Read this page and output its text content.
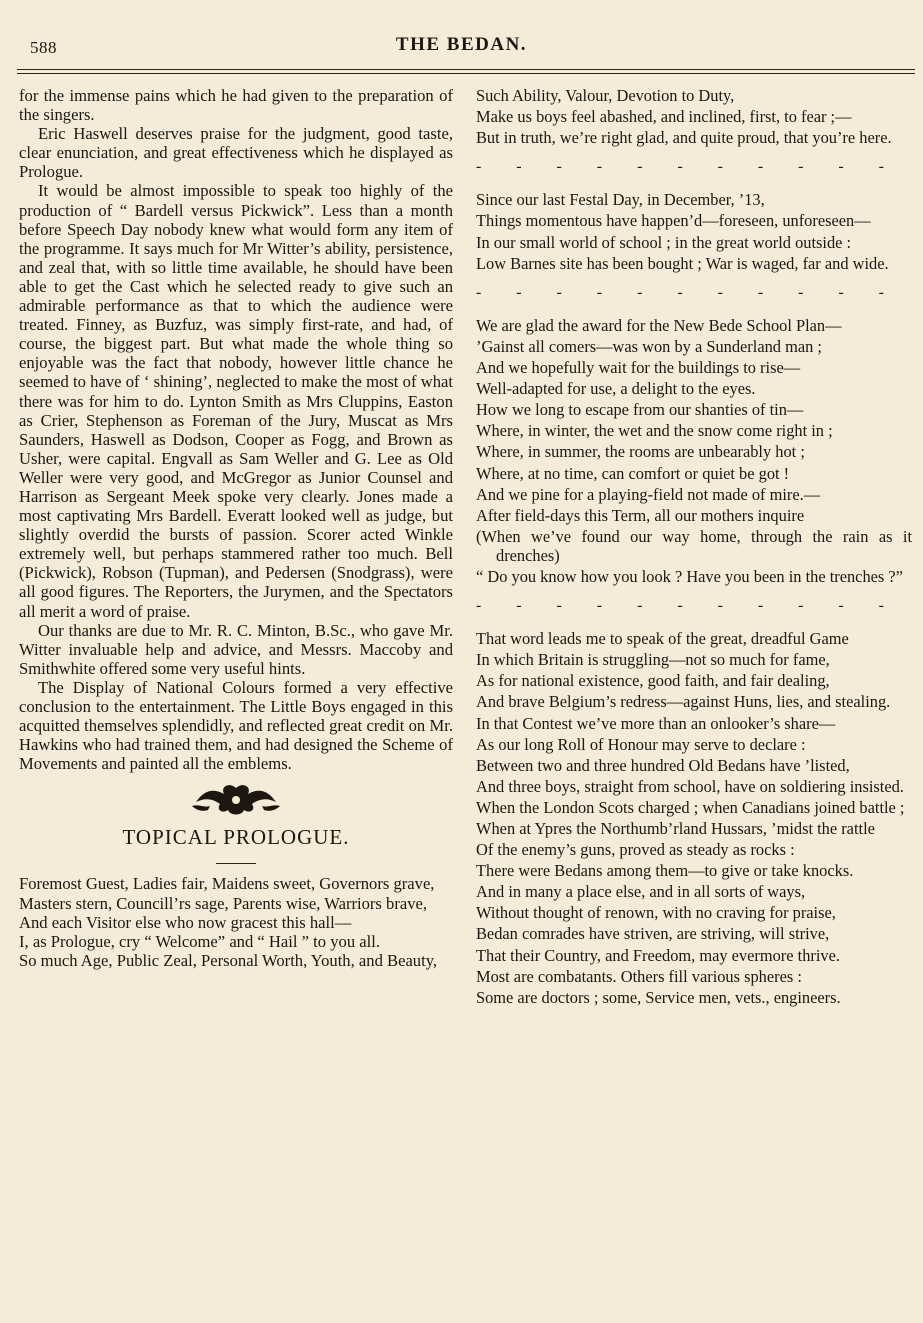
588	THE BEDAN.

for the immense pains which he had given to the preparation of the singers.

Eric Haswell deserves praise for the judgment, good taste, clear enunciation, and great effectiveness which he displayed as Prologue.

It would be almost impossible to speak too highly of the production of “ Bardell versus Pickwick”. Less than a month before Speech Day nobody knew what would form any item of the programme. It says much for Mr Witter’s ability, persistence, and zeal that, with so little time available, he should have been able to get the Cast which he selected ready to give such an admirable performance as that to which the audience were treated. Finney, as Buzfuz, was simply first-rate, and had, of course, the biggest part. But what made the whole thing so enjoyable was the fact that nobody, however little chance he seemed to have of ‘ shining’, neglected to make the most of what there was for him to do. Lynton Smith as Mrs Cluppins, Easton as Crier, Stephenson as Foreman of the Jury, Muscat as Mrs Saunders, Haswell as Dodson, Cooper as Fogg, and Brown as Usher, were capital. Engvall as Sam Weller and G. Lee as Old Weller were very good, and McGregor as Junior Counsel and Harrison as Sergeant Meek spoke very clearly. Jones made a most captivating Mrs Bardell. Everatt looked well as judge, but slightly overdid the bursts of passion. Scorer acted Winkle extremely well, but perhaps stammered rather too much. Bell (Pickwick), Robson (Tupman), and Pedersen (Snodgrass), were all good figures. The Reporters, the Jurymen, and the Spectators all merit a word of praise.

Our thanks are due to Mr. R. C. Minton, B.Sc., who gave Mr. Witter invaluable help and advice, and Messrs. Maccoby and Smithwhite offered some very useful hints.

The Display of National Colours formed a very effective conclusion to the entertainment. The Little Boys engaged in this acquitted themselves splendidly, and reflected great credit on Mr. Hawkins who had trained them, and had designed the Scheme of Movements and painted all the emblems.

TOPICAL PROLOGUE.
Foremost Guest, Ladies fair, Maidens sweet, Governors grave,
Masters stern, Councill’rs sage, Parents wise, Warriors brave,
And each Visitor else who now gracest this hall—
I, as Prologue, cry “ Welcome” and “ Hail ” to you all.
So much Age, Public Zeal, Personal Worth, Youth, and Beauty,
Such Ability, Valour, Devotion to Duty,
Make us boys feel abashed, and inclined, first, to fear ;—
But in truth, we’re right glad, and quite proud, that you’re here.
- - - - - - - - - - -
Since our last Festal Day, in December, ’13,
Things momentous have happen’d—foreseen, unforeseen—
In our small world of school ; in the great world outside :
Low Barnes site has been bought ; War is waged, far and wide.
- - - - - - - - - - -
We are glad the award for the New Bede School Plan—
’Gainst all comers—was won by a Sunderland man ;
And we hopefully wait for the buildings to rise—
Well-adapted for use, a delight to the eyes.
How we long to escape from our shanties of tin—
Where, in winter, the wet and the snow come right in ;
Where, in summer, the rooms are unbearably hot ;
Where, at no time, can comfort or quiet be got !
And we pine for a playing-field not made of mire.—
After field-days this Term, all our mothers inquire
(When we’ve found our way home, through the rain as it drenches)
“ Do you know how you look ? Have you been in the trenches ?”
- - - - - - - - - - -
That word leads me to speak of the great, dreadful Game
In which Britain is struggling—not so much for fame,
As for national existence, good faith, and fair dealing,
And brave Belgium’s redress—against Huns, lies, and stealing.
In that Contest we’ve more than an onlooker’s share—
As our long Roll of Honour may serve to declare :
Between two and three hundred Old Bedans have ’listed,
And three boys, straight from school, have on soldiering insisted.
When the London Scots charged ; when Canadians joined battle ;
When at Ypres the Northumb’rland Hussars, ’midst the rattle
Of the enemy’s guns, proved as steady as rocks :
There were Bedans among them—to give or take knocks.
And in many a place else, and in all sorts of ways,
Without thought of renown, with no craving for praise,
Bedan comrades have striven, are striving, will strive,
That their Country, and Freedom, may evermore thrive.
Most are combatants. Others fill various spheres :
Some are doctors ; some, Service men, vets., engineers.
